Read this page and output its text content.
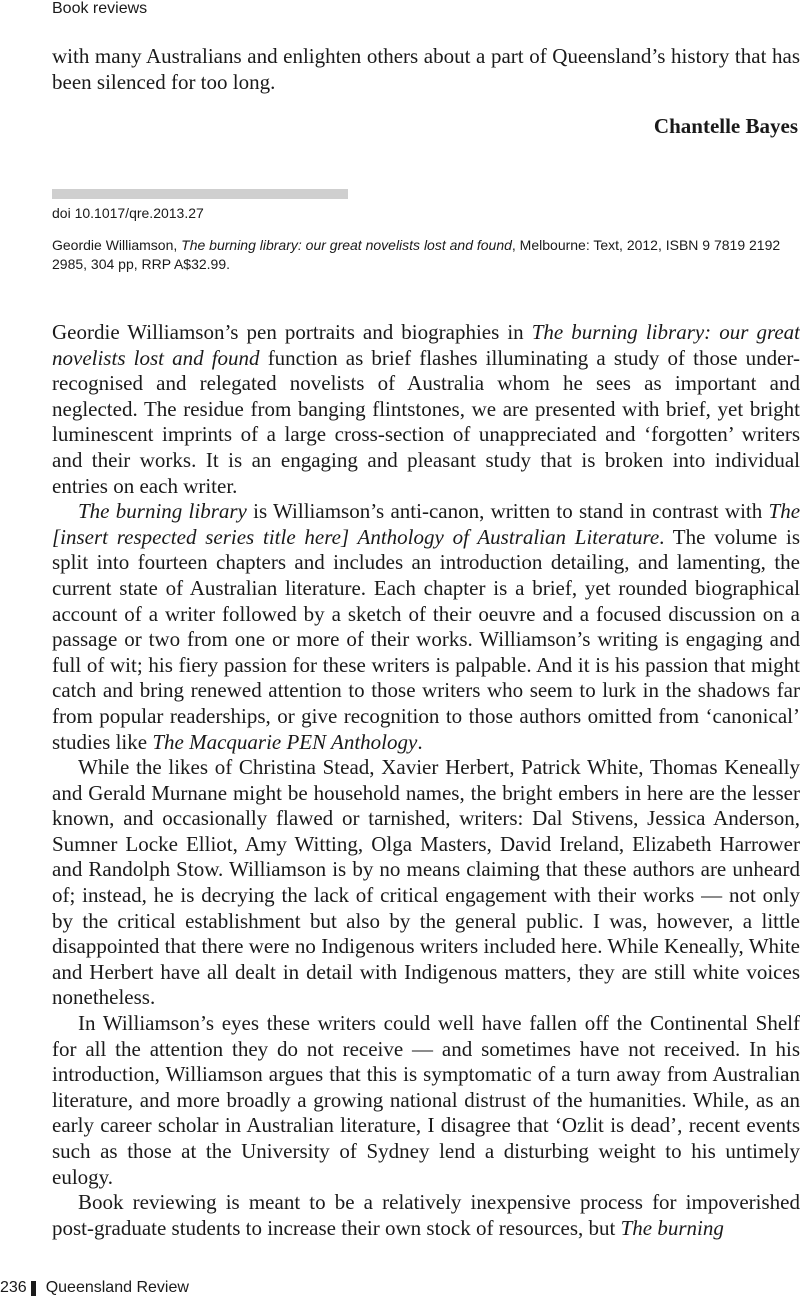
Book reviews

with many Australians and enlighten others about a part of Queensland’s history that has been silenced for too long.

Chantelle Bayes
doi 10.1017/qre.2013.27
Geordie Williamson, The burning library: our great novelists lost and found, Melbourne: Text, 2012, ISBN 9 7819 2192 2985, 304 pp, RRP A$32.99.

Geordie Williamson’s pen portraits and biographies in The burning library: our great novelists lost and found function as brief flashes illuminating a study of those under-recognised and relegated novelists of Australia whom he sees as important and neglected. The residue from banging flintstones, we are presented with brief, yet bright luminescent imprints of a large cross-section of unappreciated and ‘forgotten’ writers and their works. It is an engaging and pleasant study that is broken into individual entries on each writer.

The burning library is Williamson’s anti-canon, written to stand in contrast with The [insert respected series title here] Anthology of Australian Literature. The volume is split into fourteen chapters and includes an introduction detailing, and lamenting, the current state of Australian literature. Each chapter is a brief, yet rounded biographical account of a writer followed by a sketch of their oeuvre and a focused discussion on a passage or two from one or more of their works. Williamson’s writing is engaging and full of wit; his fiery passion for these writers is palpable. And it is his passion that might catch and bring renewed attention to those writers who seem to lurk in the shadows far from popular readerships, or give recognition to those authors omitted from ‘canonical’ studies like The Macquarie PEN Anthology.

While the likes of Christina Stead, Xavier Herbert, Patrick White, Thomas Keneally and Gerald Murnane might be household names, the bright embers in here are the lesser known, and occasionally flawed or tarnished, writers: Dal Stivens, Jessica Anderson, Sumner Locke Elliot, Amy Witting, Olga Masters, David Ireland, Elizabeth Harrower and Randolph Stow. Williamson is by no means claiming that these authors are unheard of; instead, he is decrying the lack of critical engagement with their works — not only by the critical establishment but also by the general public. I was, however, a little disappointed that there were no Indigenous writers included here. While Keneally, White and Herbert have all dealt in detail with Indigenous matters, they are still white voices nonetheless.

In Williamson’s eyes these writers could well have fallen off the Continental Shelf for all the attention they do not receive — and sometimes have not received. In his introduction, Williamson argues that this is symptomatic of a turn away from Australian literature, and more broadly a growing national distrust of the humanities. While, as an early career scholar in Australian literature, I disagree that ‘Ozlit is dead’, recent events such as those at the University of Sydney lend a disturbing weight to his untimely eulogy.

Book reviewing is meant to be a relatively inexpensive process for impoverished post-graduate students to increase their own stock of resources, but The burning

236 Queensland Review
